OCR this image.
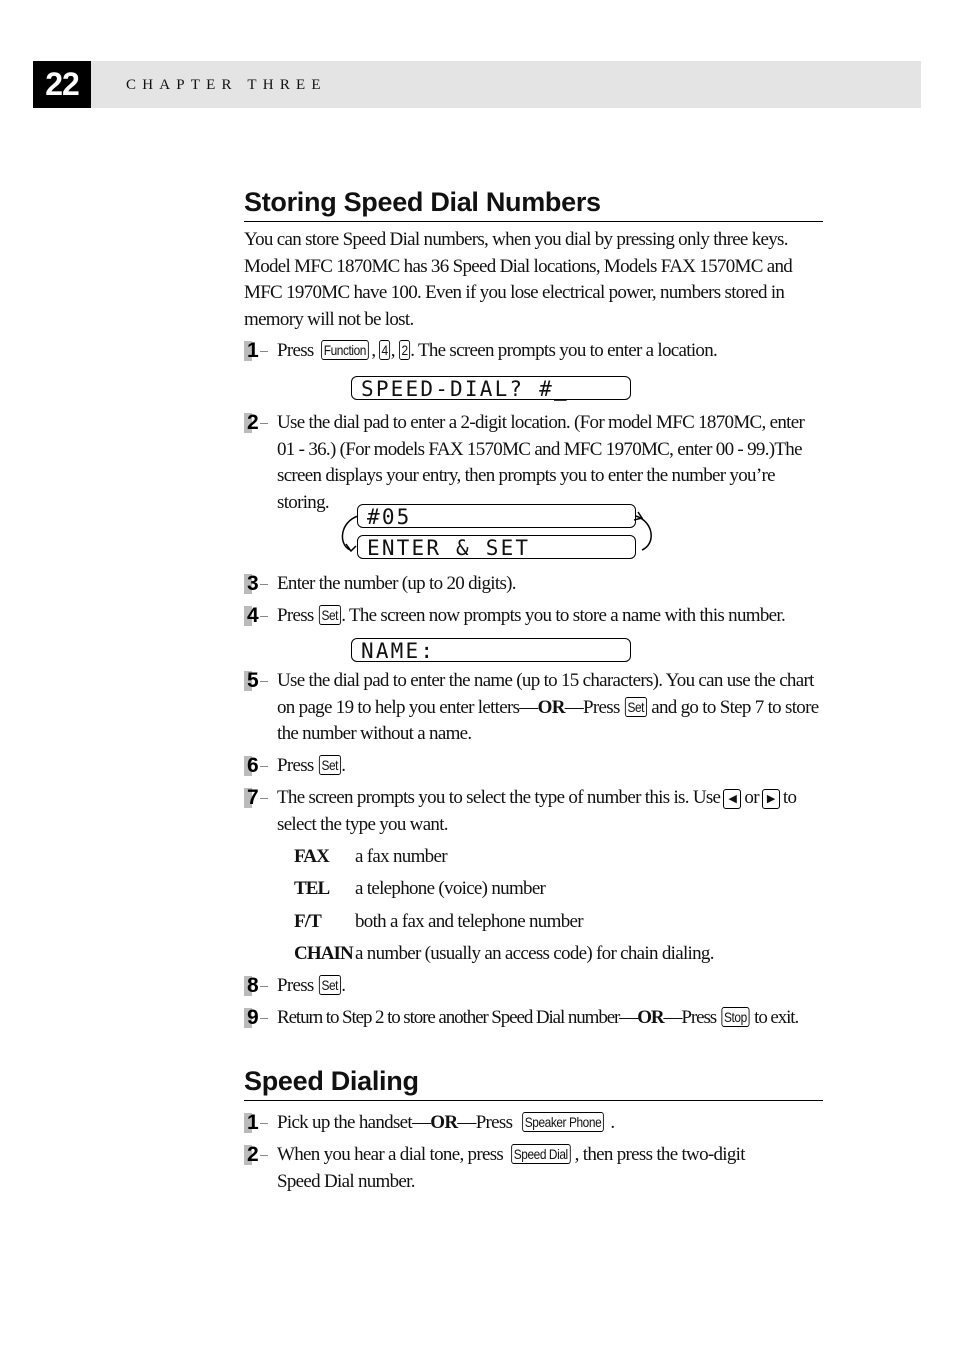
22	CHAPTER THREE
Storing Speed Dial Numbers

You can store Speed Dial numbers, when you dial by pressing only three keys. Model MFC 1870MC has 36 Speed Dial locations, Models FAX 1570MC and MFC 1970MC have 100. Even if you lose electrical power, numbers stored in memory will not be lost.

1 Press Function , 4 , 2 . The screen prompts you to enter a location.

SPEED-DIAL? #_
2 Use the dial pad to enter a 2-digit location. (For model MFC 1870MC, enter 01 - 36.) (For models FAX 1570MC and MFC 1970MC, enter 00 - 99.)The screen displays your entry, then prompts you to enter the number you’re storing.

#05
ENTER & SET
3 Enter the number (up to 20 digits).

4 Press Set . The screen now prompts you to store a name with this number.

NAME:
5 Use the dial pad to enter the name (up to 15 characters). You can use the chart on page 19 to help you enter letters—OR—Press Set and go to Step 7 to store the number without a name.

6 Press Set .

7 The screen prompts you to select the type of number this is. Use ◀ or ▶ to select the type you want.

FAX a fax number
TEL a telephone (voice) number
F/T both a fax and telephone number
CHAIN a number (usually an access code) for chain dialing.
8 Press Set .

9 Return to Step 2 to store another Speed Dial number—OR—Press Stop to exit.

Speed Dialing
1 Pick up the handset—OR—Press Speaker Phone .

2 When you hear a dial tone, press Speed Dial , then press the two-digit Speed Dial number.
